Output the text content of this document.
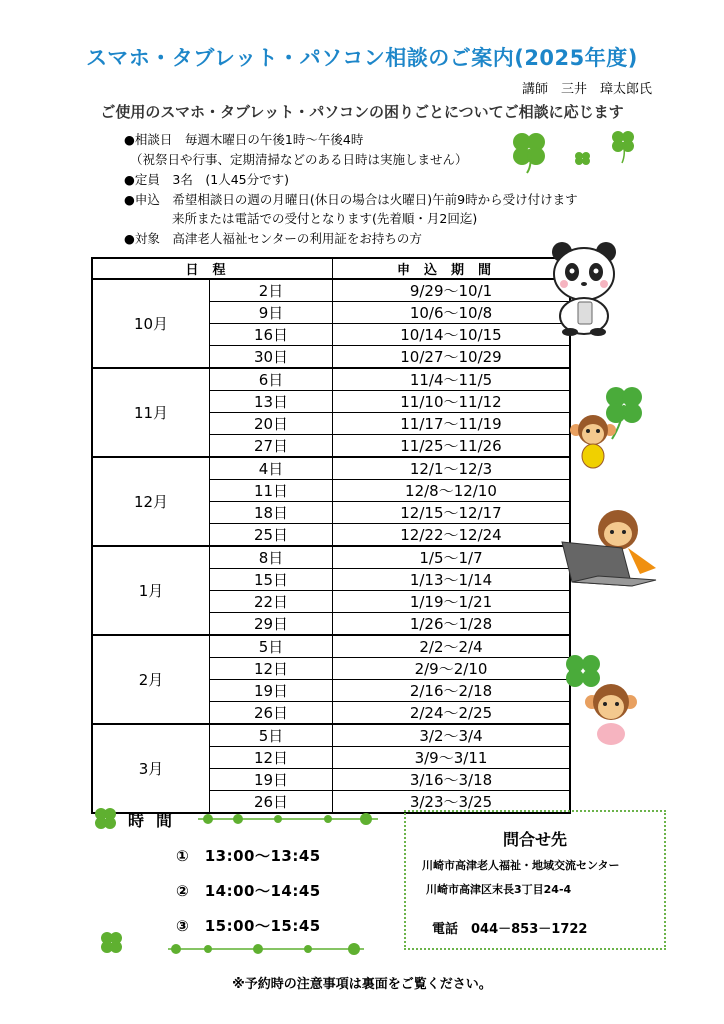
スマホ・タブレット・パソコン相談のご案内(2025年度)
講師　三井　璋太郎氏
ご使用のスマホ・タブレット・パソコンの困りごとについてご相談に応じます
●相談日　毎週木曜日の午後1時～午後4時
（祝祭日や行事、定期清掃などのある日時は実施しません）
●定員　3名　(1人45分です)
●申込　希望相談日の週の月曜日(休日の場合は火曜日)午前9時から受け付けます
来所または電話での受付となります(先着順・月2回迄)
●対象　高津老人福祉センターの利用証をお持ちの方
日程		申込期間
10月	2日	9/29～10/1
	9日	10/6～10/8
	16日	10/14～10/15
	30日	10/27～10/29
11月	6日	11/4～11/5
	13日	11/10～11/12
	20日	11/17～11/19
	27日	11/25～11/26
12月	4日	12/1～12/3
	11日	12/8～12/10
	18日	12/15～12/17
	25日	12/22～12/24
1月	8日	1/5～1/7
	15日	1/13～1/14
	22日	1/19～1/21
	29日	1/26～1/28
2月	5日	2/2～2/4
	12日	2/9～2/10
	19日	2/16～2/18
	26日	2/24～2/25
3月	5日	3/2～3/4
	12日	3/9～3/11
	19日	3/16～3/18
	26日	3/23～3/25
時間
①　13:00～13:45
②　14:00～14:45
③　15:00～15:45
問合せ先
川崎市高津老人福祉・地域交流センター
川崎市高津区末長3丁目24-4
電話　044－853－1722
※予約時の注意事項は裏面をご覧ください。
